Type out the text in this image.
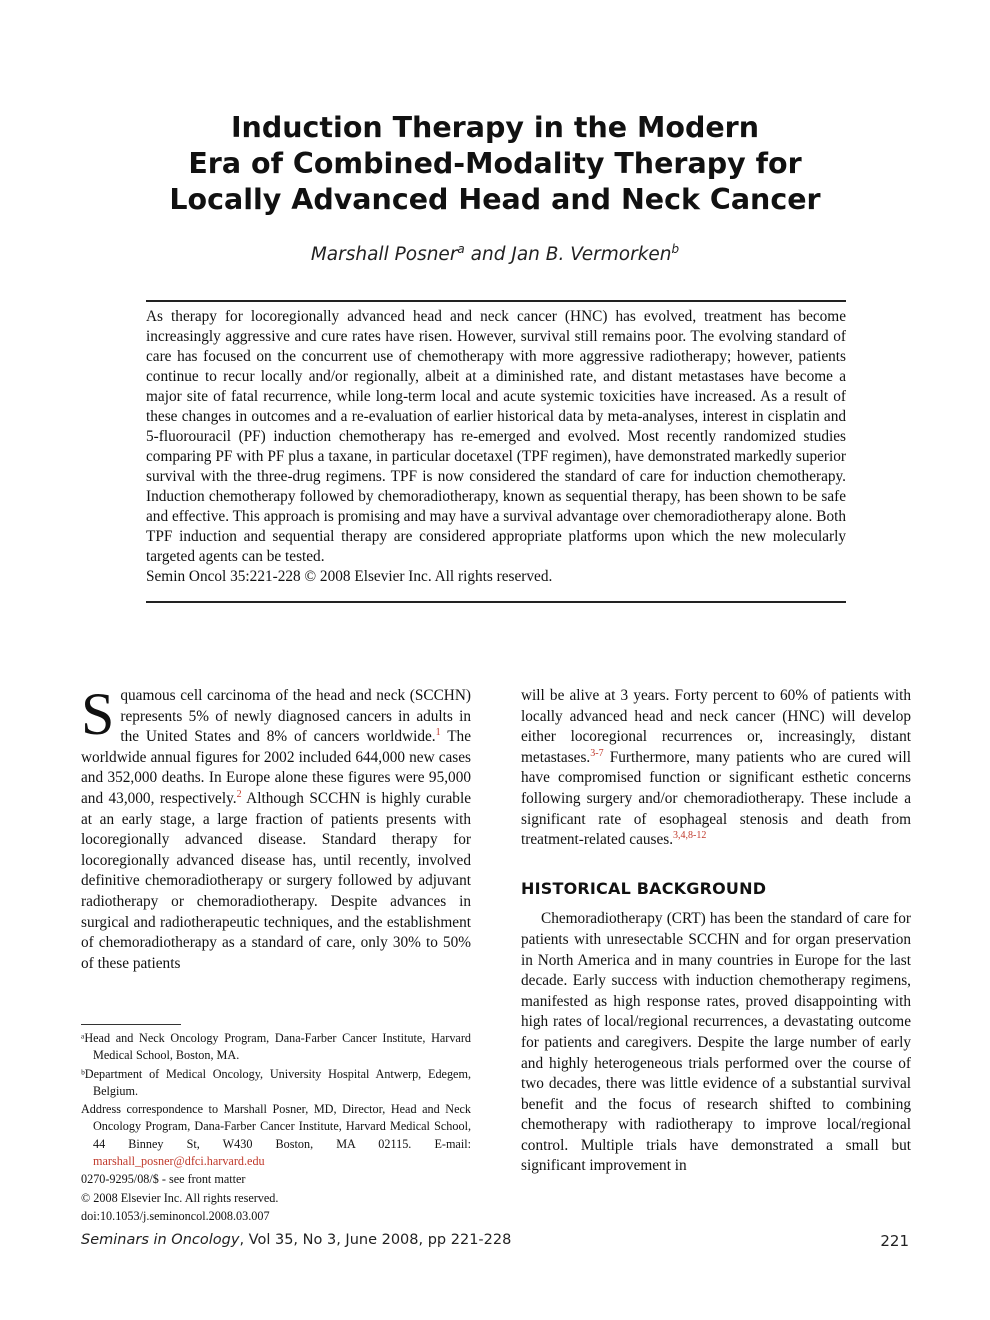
Induction Therapy in the Modern
Era of Combined-Modality Therapy for
Locally Advanced Head and Neck Cancer
Marshall Posner$^a$ and Jan B. Vermorken$^b$

As therapy for locoregionally advanced head and neck cancer (HNC) has evolved, treatment has become increasingly aggressive and cure rates have risen. However, survival still remains poor. The evolving standard of care has focused on the concurrent use of chemotherapy with more aggressive radiotherapy; however, patients continue to recur locally and/or regionally, albeit at a diminished rate, and distant metastases have become a major site of fatal recurrence, while long-term local and acute systemic toxicities have increased. As a result of these changes in outcomes and a re-evaluation of earlier historical data by meta-analyses, interest in cisplatin and 5-fluorouracil (PF) induction chemotherapy has re-emerged and evolved. Most recently randomized studies comparing PF with PF plus a taxane, in particular docetaxel (TPF regimen), have demonstrated markedly superior survival with the three-drug regimens. TPF is now considered the standard of care for induction chemotherapy. Induction chemotherapy followed by chemoradiotherapy, known as sequential therapy, has been shown to be safe and effective. This approach is promising and may have a survival advantage over chemoradiotherapy alone. Both TPF induction and sequential therapy are considered appropriate platforms upon which the new molecularly targeted agents can be tested.

Semin Oncol 35:221-228 © 2008 Elsevier Inc. All rights reserved.

Squamous cell carcinoma of the head and neck (SCCHN) represents 5% of newly diagnosed cancers in adults in the United States and 8% of cancers worldwide.$^1$ The worldwide annual figures for 2002 included 644,000 new cases and 352,000 deaths. In Europe alone these figures were 95,000 and 43,000, respectively.$^2$ Although SCCHN is highly curable at an early stage, a large fraction of patients presents with locoregionally advanced disease. Standard therapy for locoregionally advanced disease has, until recently, involved definitive chemoradiotherapy or surgery followed by adjuvant radiotherapy or chemoradiotherapy. Despite advances in surgical and radiotherapeutic techniques, and the establishment of chemoradiotherapy as a standard of care, only 30% to 50% of these patients

ᵃHead and Neck Oncology Program, Dana-Farber Cancer Institute, Harvard Medical School, Boston, MA.

ᵇDepartment of Medical Oncology, University Hospital Antwerp, Edegem, Belgium.

Address correspondence to Marshall Posner, MD, Director, Head and Neck Oncology Program, Dana-Farber Cancer Institute, Harvard Medical School, 44 Binney St, W430 Boston, MA 02115. E-mail: marshall_posner@dfci.harvard.edu

0270-9295/08/$ - see front matter

© 2008 Elsevier Inc. All rights reserved.

doi:10.1053/j.seminoncol.2008.03.007

will be alive at 3 years. Forty percent to 60% of patients with locally advanced head and neck cancer (HNC) will develop either locoregional recurrences or, increasingly, distant metastases.$^{3-7}$ Furthermore, many patients who are cured will have compromised function or significant esthetic concerns following surgery and/or chemoradiotherapy. These include a significant rate of esophageal stenosis and death from treatment-related causes.$^{3,4,8-12}$

HISTORICAL BACKGROUND

Chemoradiotherapy (CRT) has been the standard of care for patients with unresectable SCCHN and for organ preservation in North America and in many countries in Europe for the last decade. Early success with induction chemotherapy regimens, manifested as high response rates, proved disappointing with high rates of local/regional recurrences, a devastating outcome for patients and caregivers. Despite the large number of early and highly heterogeneous trials performed over the course of two decades, there was little evidence of a substantial survival benefit and the focus of research shifted to combining chemotherapy with radiotherapy to improve local/regional control. Multiple trials have demonstrated a small but significant improvement in

Seminars in Oncology, Vol 35, No 3, June 2008, pp 221-228	221
